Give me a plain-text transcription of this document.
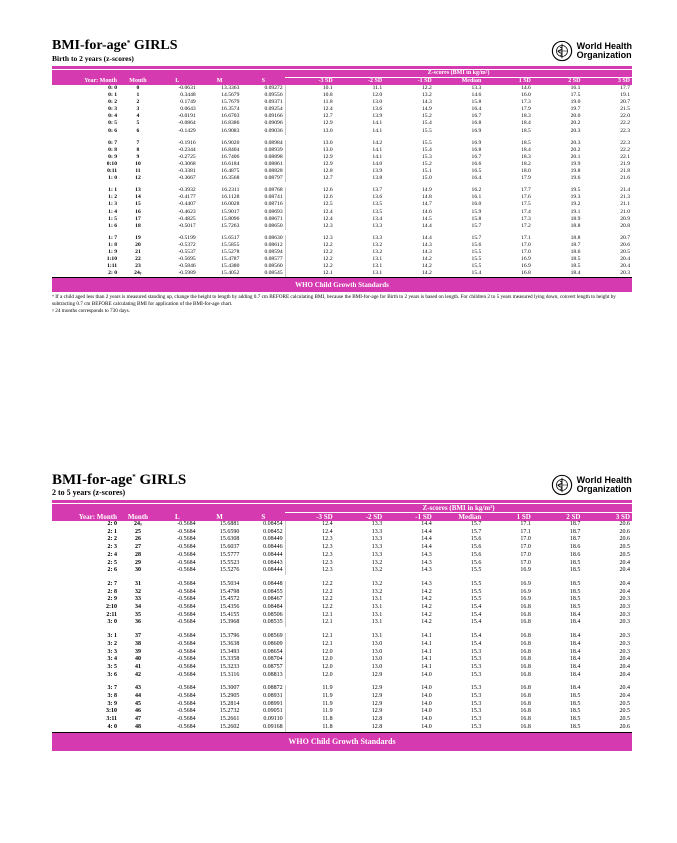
BMI-for-age* GIRLS
Birth to 2 years (z-scores)
World Health
Organization
					Z-scores (BMI in kg/m²)						
Year: Month	Month	L	M	S	-3 SD	-2 SD	-1 SD	Median	1 SD	2 SD	3 SD
0: 0	0	-0.0631	13.3363	0.09272	10.1	11.1	12.2	13.3	14.6	16.1	17.7
0: 1	1	0.3448	14.5679	0.09556	10.8	12.0	13.2	14.6	16.0	17.5	19.1
0: 2	2	0.1749	15.7679	0.09371	11.8	13.0	14.3	15.8	17.3	19.0	20.7
0: 3	3	0.0643	16.3574	0.09254	12.4	13.6	14.9	16.4	17.9	19.7	21.5
0: 4	4	-0.0191	16.6703	0.09166	12.7	13.9	15.2	16.7	18.3	20.0	22.0
0: 5	5	-0.0864	16.8386	0.09096	12.9	14.1	15.4	16.8	18.4	20.2	22.2
0: 6	6	-0.1429	16.9083	0.09036	13.0	14.1	15.5	16.9	18.5	20.3	22.3

0: 7	7	-0.1916	16.9020	0.08984	13.0	14.2	15.5	16.9	18.5	20.3	22.3
0: 8	8	-0.2344	16.8404	0.08939	13.0	14.1	15.4	16.8	18.4	20.2	22.2
0: 9	9	-0.2725	16.7406	0.08898	12.9	14.1	15.3	16.7	18.3	20.1	22.1
0:10	10	-0.3068	16.6184	0.08861	12.9	14.0	15.2	16.6	18.2	19.9	21.9
0:11	11	-0.3381	16.4875	0.08828	12.8	13.9	15.1	16.5	18.0	19.8	21.8
1: 0	12	-0.3667	16.3568	0.08797	12.7	13.8	15.0	16.4	17.9	19.6	21.6

1: 1	13	-0.3932	16.2311	0.08768	12.6	13.7	14.9	16.2	17.7	19.5	21.4
1: 2	14	-0.4177	16.1128	0.08741	12.6	13.6	14.8	16.1	17.6	19.3	21.3
1: 3	15	-0.4407	16.0028	0.08716	12.5	13.5	14.7	16.0	17.5	19.2	21.1
1: 4	16	-0.4623	15.9017	0.08693	12.4	13.5	14.6	15.9	17.4	19.1	21.0
1: 5	17	-0.4825	15.8096	0.08671	12.4	13.4	14.5	15.8	17.3	18.9	20.9
1: 6	18	-0.5017	15.7263	0.08650	12.3	13.3	14.4	15.7	17.2	18.8	20.8

1: 7	19	-0.5199	15.6517	0.08630	12.3	13.3	14.4	15.7	17.1	18.8	20.7
1: 8	20	-0.5372	15.5855	0.08612	12.2	13.2	14.3	15.6	17.0	18.7	20.6
1: 9	21	-0.5537	15.5278	0.08594	12.2	13.2	14.3	15.5	17.0	18.6	20.5
1:10	22	-0.5695	15.4787	0.08577	12.2	13.1	14.2	15.5	16.9	18.5	20.4
1:11	23	-0.5846	15.4380	0.08560	12.2	13.1	14.2	15.5	16.9	18.5	20.4
2: 0	24†	-0.5989	15.4052	0.08545	12.1	13.1	14.2	15.4	16.8	18.4	20.3
WHO Child Growth Standards
* If a child aged less than 2 years is measured standing up, change the height to length by adding 0.7 cm BEFORE calculating BMI, because the BMI-for-age for Birth to 2 years is based on length. For children 2 to 5 years measured lying down, convert length to height by subtracting 0.7 cm BEFORE calculating BMI for application of the BMI-for-age chart.
† 24 months corresponds to 730 days.
BMI-for-age* GIRLS
2 to 5 years (z-scores)
World Health
Organization
					Z-scores (BMI in kg/m²)						
Year: Month	Month	L	M	S	-3 SD	-2 SD	-1 SD	Median	1 SD	2 SD	3 SD
2: 0	24†	-0.5684	15.6881	0.08454	12.4	13.3	14.4	15.7	17.1	18.7	20.6
2: 1	25	-0.5684	15.6590	0.08452	12.4	13.3	14.4	15.7	17.1	18.7	20.6
2: 2	26	-0.5684	15.6308	0.08449	12.3	13.3	14.4	15.6	17.0	18.7	20.6
2: 3	27	-0.5684	15.6037	0.08446	12.3	13.3	14.4	15.6	17.0	18.6	20.5
2: 4	28	-0.5684	15.5777	0.08444	12.3	13.3	14.3	15.6	17.0	18.6	20.5
2: 5	29	-0.5684	15.5523	0.08443	12.3	13.2	14.3	15.6	17.0	18.5	20.4
2: 6	30	-0.5684	15.5276	0.08444	12.3	13.2	14.3	15.5	16.9	18.5	20.4

2: 7	31	-0.5684	15.5034	0.08448	12.2	13.2	14.3	15.5	16.9	18.5	20.4
2: 8	32	-0.5684	15.4798	0.08455	12.2	13.2	14.2	15.5	16.9	18.5	20.4
2: 9	33	-0.5684	15.4572	0.08467	12.2	13.1	14.2	15.5	16.9	18.5	20.3
2:10	34	-0.5684	15.4356	0.08484	12.2	13.1	14.2	15.4	16.8	18.5	20.3
2:11	35	-0.5684	15.4155	0.08506	12.1	13.1	14.2	15.4	16.8	18.4	20.3
3: 0	36	-0.5684	15.3968	0.08535	12.1	13.1	14.2	15.4	16.8	18.4	20.3

3: 1	37	-0.5684	15.3796	0.08569	12.1	13.1	14.1	15.4	16.8	18.4	20.3
3: 2	38	-0.5684	15.3638	0.08609	12.1	13.0	14.1	15.4	16.8	18.4	20.3
3: 3	39	-0.5684	15.3493	0.08654	12.0	13.0	14.1	15.3	16.8	18.4	20.3
3: 4	40	-0.5684	15.3358	0.08704	12.0	13.0	14.1	15.3	16.8	18.4	20.4
3: 5	41	-0.5684	15.3233	0.08757	12.0	13.0	14.1	15.3	16.8	18.4	20.4
3: 6	42	-0.5684	15.3116	0.08813	12.0	12.9	14.0	15.3	16.8	18.4	20.4

3: 7	43	-0.5684	15.3007	0.08872	11.9	12.9	14.0	15.3	16.8	18.4	20.4
3: 8	44	-0.5684	15.2905	0.08931	11.9	12.9	14.0	15.3	16.8	18.5	20.4
3: 9	45	-0.5684	15.2814	0.08991	11.9	12.9	14.0	15.3	16.8	18.5	20.5
3:10	46	-0.5684	15.2732	0.09051	11.9	12.9	14.0	15.3	16.8	18.5	20.5
3:11	47	-0.5684	15.2661	0.09110	11.8	12.8	14.0	15.3	16.8	18.5	20.5
4: 0	48	-0.5684	15.2602	0.09168	11.8	12.8	14.0	15.3	16.8	18.5	20.6
WHO Child Growth Standards
